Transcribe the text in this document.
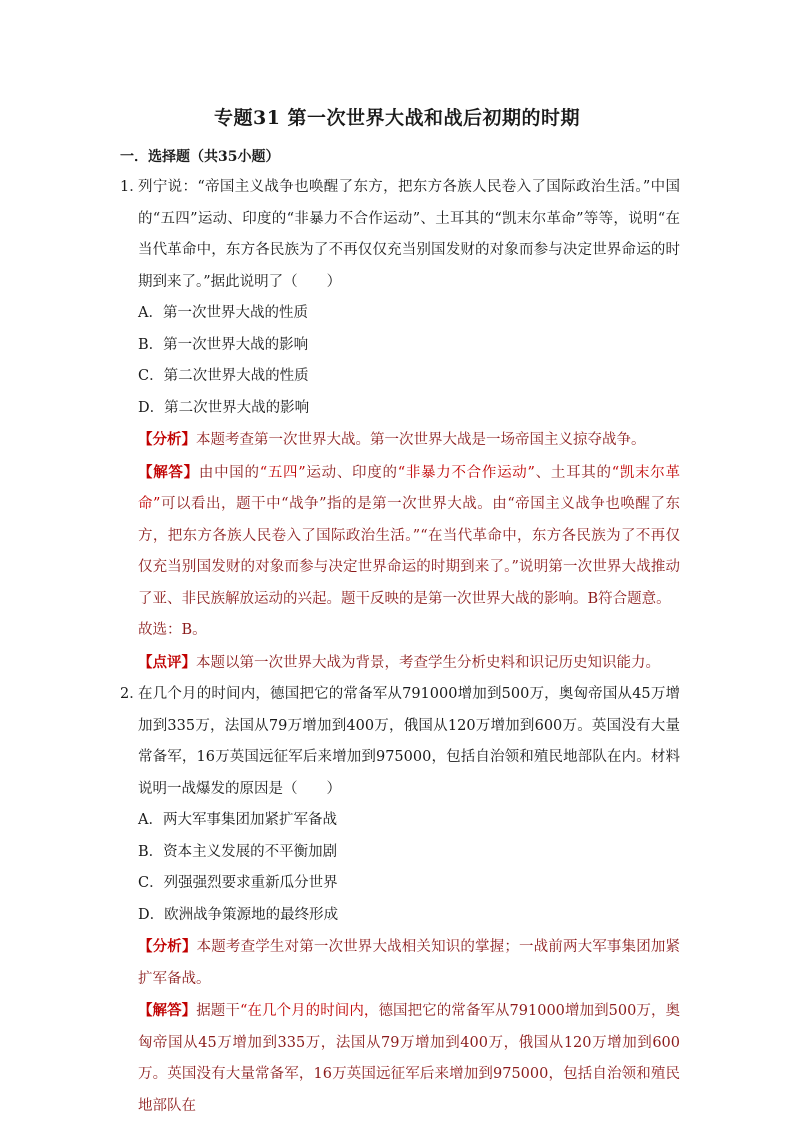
专题31 第一次世界大战和战后初期的时期
一．选择题（共35小题）
1．
列宁说：“帝国主义战争也唤醒了东方，把东方各族人民卷入了国际政治生活。”中国的“五四”运动、印度的“非暴力不合作运动”、土耳其的“凯末尔革命”等等，说明“在当代革命中，东方各民族为了不再仅仅充当别国发财的对象而参与决定世界命运的时期到来了。”据此说明了（　　）
A．第一次世界大战的性质
B．第一次世界大战的影响
C．第二次世界大战的性质
D．第二次世界大战的影响
【分析】本题考查第一次世界大战。第一次世界大战是一场帝国主义掠夺战争。
【解答】由中国的“五四”运动、印度的“非暴力不合作运动”、土耳其的“凯末尔革命”可以看出，题干中“战争”指的是第一次世界大战。由“帝国主义战争也唤醒了东方，把东方各族人民卷入了国际政治生活。”“在当代革命中，东方各民族为了不再仅仅充当别国发财的对象而参与决定世界命运的时期到来了。”说明第一次世界大战推动了亚、非民族解放运动的兴起。题干反映的是第一次世界大战的影响。B符合题意。
故选：B。
【点评】本题以第一次世界大战为背景，考查学生分析史料和识记历史知识能力。
2．
在几个月的时间内，德国把它的常备军从791000增加到500万，奥匈帝国从45万增加到335万，法国从79万增加到400万，俄国从120万增加到600万。英国没有大量常备军，16万英国远征军后来增加到975000，包括自治领和殖民地部队在内。材料说明一战爆发的原因是（　　）
A．两大军事集团加紧扩军备战
B．资本主义发展的不平衡加剧
C．列强强烈要求重新瓜分世界
D．欧洲战争策源地的最终形成
【分析】本题考查学生对第一次世界大战相关知识的掌握；一战前两大军事集团加紧扩军备战。
【解答】据题干“在几个月的时间内，德国把它的常备军从791000增加到500万，奥匈帝国从45万增加到335万，法国从79万增加到400万，俄国从120万增加到600万。英国没有大量常备军，16万英国远征军后来增加到975000，包括自治领和殖民地部队在
